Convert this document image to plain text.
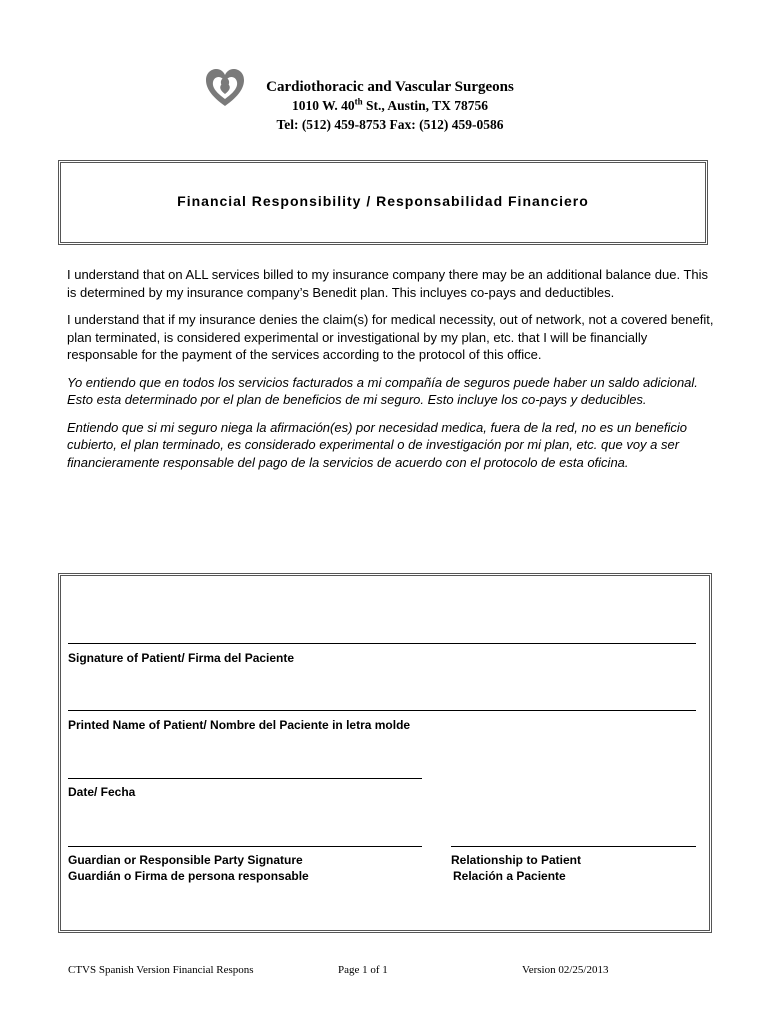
Cardiothoracic and Vascular Surgeons
1010 W. 40th St., Austin, TX 78756
Tel: (512) 459-8753 Fax: (512) 459-0586
Financial Responsibility / Responsabilidad Financiero

I understand that on ALL services billed to my insurance company there may be an additional balance due. This is determined by my insurance company’s Benedit plan. This incluyes co-pays and deductibles.

I understand that if my insurance denies the claim(s) for medical necessity, out of network, not a covered benefit, plan terminated, is considered experimental or investigational by my plan, etc. that I will be financially responsable for the payment of the services according to the protocol of this office.

Yo entiendo que en todos los servicios facturados a mi compañía de seguros puede haber un saldo adicional. Esto esta determinado por el plan de beneficios de mi seguro. Esto incluye los co-pays y deducibles.

Entiendo que si mi seguro niega la afirmación(es) por necesidad medica, fuera de la red, no es un beneficio cubierto, el plan terminado, es considerado experimental o de investigación por mi plan, etc. que voy a ser financieramente responsable del pago de la servicios de acuerdo con el protocolo de esta oficina.

Signature of Patient/ Firma del Paciente
Printed Name of Patient/ Nombre del Paciente in letra molde
Date/ Fecha
Guardian or Responsible Party Signature
Guardián o Firma de persona responsable
Relationship to Patient
Relación a Paciente
CTVS Spanish Version Financial Respons	Page 1 of 1	Version 02/25/2013
